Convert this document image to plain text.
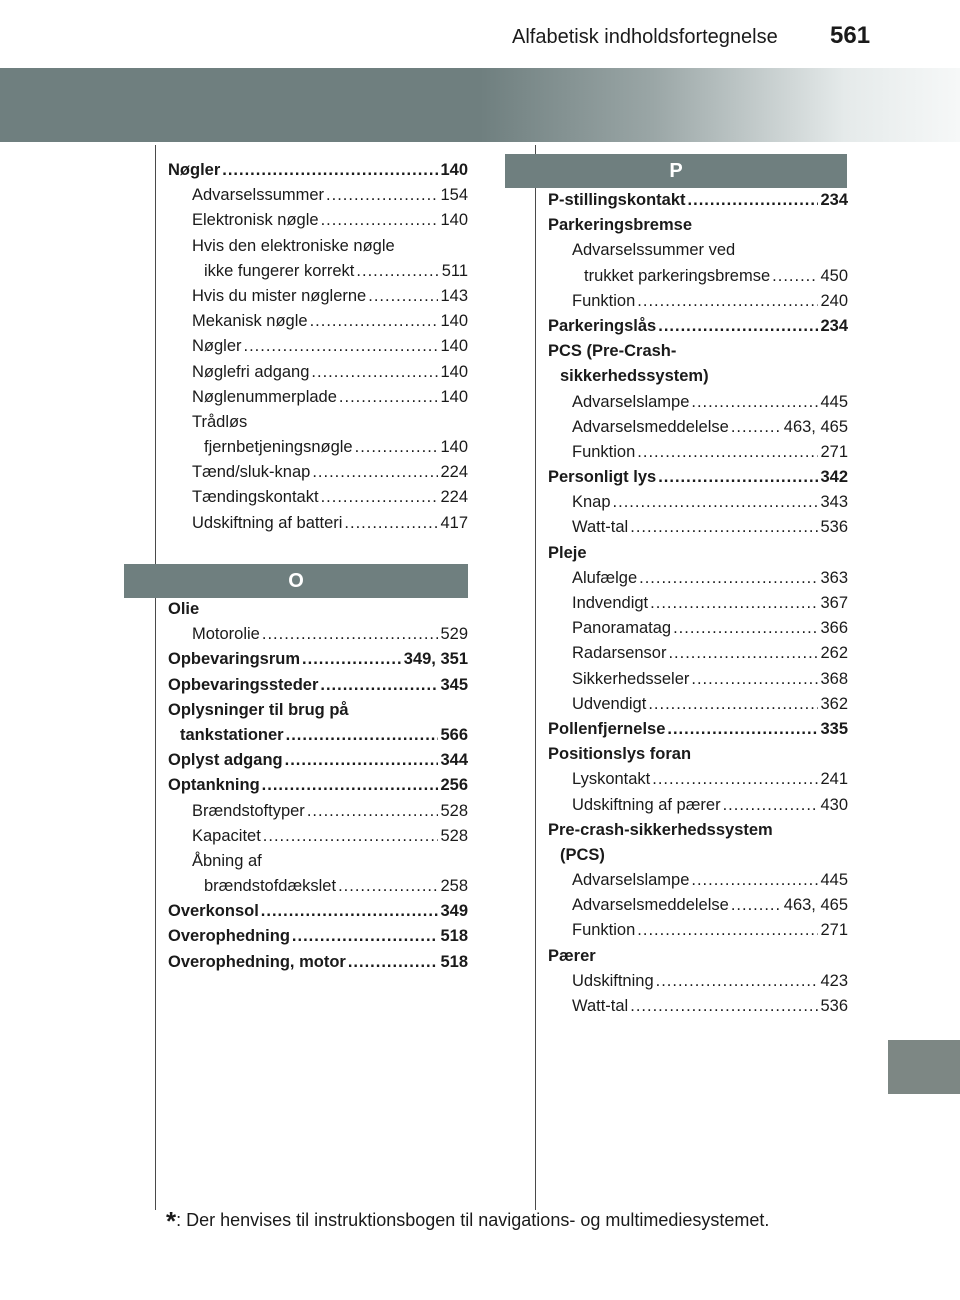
Alfabetisk indholdsfortegnelse 561
Nøgler .....	140
Advarselssummer .....	154
Elektronisk nøgle .....	140
Hvis den elektroniske nøgle
ikke fungerer korrekt .....	511
Hvis du mister nøglerne .....	143
Mekanisk nøgle .....	140
Nøgler .....	140
Nøglefri adgang .....	140
Nøglenummerplade .....	140
Trådløs
fjernbetjeningsnøgle .....	140
Tænd/sluk-knap .....	224
Tændingskontakt .....	224
Udskiftning af batteri .....	417
O
Olie
Motorolie .....	529
Opbevaringsrum .....	349, 351
Opbevaringssteder .....	345
Oplysninger til brug på
tankstationer .....	566
Oplyst adgang .....	344
Optankning .....	256
Brændstoftyper .....	528
Kapacitet .....	528
Åbning af
brændstofdækslet .....	258
Overkonsol .....	349
Overophedning .....	518
Overophedning, motor .....	518
P
P-stillingskontakt .....	234
Parkeringsbremse
Advarselssummer ved
trukket parkeringsbremse .....	450
Funktion .....	240
Parkeringslås .....	234
PCS (Pre-Crash-
sikkerhedssystem)
Advarselslampe .....	445
Advarselsmeddelelse .....	463, 465
Funktion .....	271
Personligt lys .....	342
Knap .....	343
Watt-tal .....	536
Pleje
Alufælge .....	363
Indvendigt .....	367
Panoramatag .....	366
Radarsensor .....	262
Sikkerhedsseler .....	368
Udvendigt .....	362
Pollenfjernelse .....	335
Positionslys foran
Lyskontakt .....	241
Udskiftning af pærer .....	430
Pre-crash-sikkerhedssystem
(PCS)
Advarselslampe .....	445
Advarselsmeddelelse .....	463, 465
Funktion .....	271
Pærer
Udskiftning .....	423
Watt-tal .....	536
*: Der henvises til instruktionsbogen til navigations- og multimediesystemet.
